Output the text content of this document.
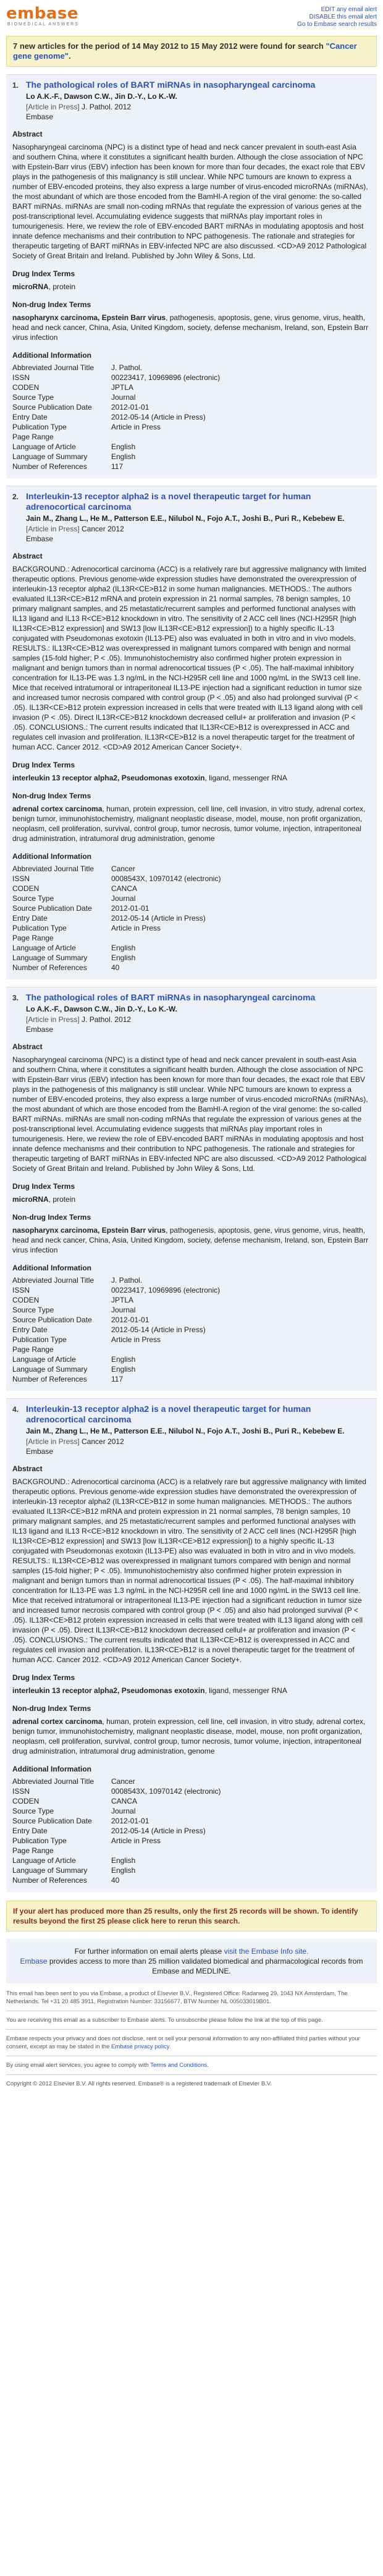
embase
BIOMEDICAL ANSWERS
EDIT any email alert
DISABLE this email alert
Go to Embase search results
7 new articles for the period of 14 May 2012 to 15 May 2012 were found for search "Cancer gene genome".
1. The pathological roles of BART miRNAs in nasopharyngeal carcinoma
Lo A.K.-F., Dawson C.W., Jin D.-Y., Lo K.-W.
[Article in Press] J. Pathol. 2012
Embase
Abstract
Nasopharyngeal carcinoma (NPC) is a distinct type of head and neck cancer prevalent in south-east Asia and southern China, where it constitutes a significant health burden. Although the close association of NPC with Epstein-Barr virus (EBV) infection has been known for more than four decades, the exact role that EBV plays in the pathogenesis of this malignancy is still unclear. While NPC tumours are known to express a number of EBV-encoded proteins, they also express a large number of virus-encoded microRNAs (miRNAs), the most abundant of which are those encoded from the BamHI-A region of the viral genome: the so-called BART miRNAs. miRNAs are small non-coding mRNAs that regulate the expression of various genes at the post-transcriptional level. Accumulating evidence suggests that miRNAs play important roles in tumourigenesis. Here, we review the role of EBV-encoded BART miRNAs in modulating apoptosis and host innate defence mechanisms and their contribution to NPC pathogenesis. The rationale and strategies for therapeutic targeting of BART miRNAs in EBV-infected NPC are also discussed. <CD>A9 2012 Pathological Society of Great Britain and Ireland. Published by John Wiley & Sons, Ltd.
Drug Index Terms
microRNA, protein
Non-drug Index Terms
nasopharynx carcinoma, Epstein Barr virus, pathogenesis, apoptosis, gene, virus genome, virus, health, head and neck cancer, China, Asia, United Kingdom, society, defense mechanism, Ireland, son, Epstein Barr virus infection
Additional Information
Abbreviated Journal Title	J. Pathol.
ISSN	00223417, 10969896 (electronic)
CODEN	JPTLA
Source Type	Journal
Source Publication Date	2012-01-01
Entry Date	2012-05-14 (Article in Press)
Publication Type	Article in Press
Page Range	
Language of Article	English
Language of Summary	English
Number of References	117
2. Interleukin-13 receptor alpha2 is a novel therapeutic target for human adrenocortical carcinoma
Jain M., Zhang L., He M., Patterson E.E., Nilubol N., Fojo A.T., Joshi B., Puri R., Kebebew E.
[Article in Press] Cancer 2012
Embase
Abstract
BACKGROUND.: Adrenocortical carcinoma (ACC) is a relatively rare but aggressive malignancy with limited therapeutic options. Previous genome-wide expression studies have demonstrated the overexpression of interleukin-13 receptor alpha2 (IL13R<CE>B12 in some human malignancies. METHODS.: The authors evaluated IL13R<CE>B12 mRNA and protein expression in 21 normal samples, 78 benign samples, 10 primary malignant samples, and 25 metastatic/recurrent samples and performed functional analyses with IL13 ligand and IL13 R<CE>B12 knockdown in vitro. The sensitivity of 2 ACC cell lines (NCI-H295R [high IL13R<CE>B12 expression] and SW13 [low IL13R<CE>B12 expression]) to a highly specific IL-13 conjugated with Pseudomonas exotoxin (IL13-PE) also was evaluated in both in vitro and in vivo models. RESULTS.: IL13R<CE>B12 was overexpressed in malignant tumors compared with benign and normal samples (15-fold higher; P < .05). Immunohistochemistry also confirmed higher protein expression in malignant and benign tumors than in normal adrenocortical tissues (P < .05). The half-maximal inhibitory concentration for IL13-PE was 1.3 ng/mL in the NCI-H295R cell line and 1000 ng/mL in the SW13 cell line. Mice that received intratumoral or intraperitoneal IL13-PE injection had a significant reduction in tumor size and increased tumor necrosis compared with control group (P < .05) and also had prolonged survival (P < .05). IL13R<CE>B12 protein expression increased in cells that were treated with IL13 ligand along with cell invasion (P < .05). Direct IL13R<CE>B12 knockdown decreased cellul+ ar proliferation and invasion (P < .05). CONCLUSIONS.: The current results indicated that IL13R<CE>B12 is overexpressed in ACC and regulates cell invasion and proliferation. IL13R<CE>B12 is a novel therapeutic target for the treatment of human ACC. Cancer 2012. <CD>A9 2012 American Cancer Society+.
Drug Index Terms
interleukin 13 receptor alpha2, Pseudomonas exotoxin, ligand, messenger RNA
Non-drug Index Terms
adrenal cortex carcinoma, human, protein expression, cell line, cell invasion, in vitro study, adrenal cortex, benign tumor, immunohistochemistry, malignant neoplastic disease, model, mouse, non profit organization, neoplasm, cell proliferation, survival, control group, tumor necrosis, tumor volume, injection, intraperitoneal drug administration, intratumoral drug administration, genome
Additional Information
Abbreviated Journal Title	Cancer
ISSN	0008543X, 10970142 (electronic)
CODEN	CANCA
Source Type	Journal
Source Publication Date	2012-01-01
Entry Date	2012-05-14 (Article in Press)
Publication Type	Article in Press
Page Range	
Language of Article	English
Language of Summary	English
Number of References	40
3. The pathological roles of BART miRNAs in nasopharyngeal carcinoma
Lo A.K.-F., Dawson C.W., Jin D.-Y., Lo K.-W.
[Article in Press] J. Pathol. 2012
Embase
Abstract
Nasopharyngeal carcinoma (NPC) is a distinct type of head and neck cancer prevalent in south-east Asia and southern China, where it constitutes a significant health burden. Although the close association of NPC with Epstein-Barr virus (EBV) infection has been known for more than four decades, the exact role that EBV plays in the pathogenesis of this malignancy is still unclear. While NPC tumours are known to express a number of EBV-encoded proteins, they also express a large number of virus-encoded microRNAs (miRNAs), the most abundant of which are those encoded from the BamHI-A region of the viral genome: the so-called BART miRNAs. miRNAs are small non-coding mRNAs that regulate the expression of various genes at the post-transcriptional level. Accumulating evidence suggests that miRNAs play important roles in tumourigenesis. Here, we review the role of EBV-encoded BART miRNAs in modulating apoptosis and host innate defence mechanisms and their contribution to NPC pathogenesis. The rationale and strategies for therapeutic targeting of BART miRNAs in EBV-infected NPC are also discussed. <CD>A9 2012 Pathological Society of Great Britain and Ireland. Published by John Wiley & Sons, Ltd.
Drug Index Terms
microRNA, protein
Non-drug Index Terms
nasopharynx carcinoma, Epstein Barr virus, pathogenesis, apoptosis, gene, virus genome, virus, health, head and neck cancer, China, Asia, United Kingdom, society, defense mechanism, Ireland, son, Epstein Barr virus infection
Additional Information
Abbreviated Journal Title	J. Pathol.
ISSN	00223417, 10969896 (electronic)
CODEN	JPTLA
Source Type	Journal
Source Publication Date	2012-01-01
Entry Date	2012-05-14 (Article in Press)
Publication Type	Article in Press
Page Range	
Language of Article	English
Language of Summary	English
Number of References	117
4. Interleukin-13 receptor alpha2 is a novel therapeutic target for human adrenocortical carcinoma
Jain M., Zhang L., He M., Patterson E.E., Nilubol N., Fojo A.T., Joshi B., Puri R., Kebebew E.
[Article in Press] Cancer 2012
Embase
Abstract
BACKGROUND.: Adrenocortical carcinoma (ACC) is a relatively rare but aggressive malignancy with limited therapeutic options. Previous genome-wide expression studies have demonstrated the overexpression of interleukin-13 receptor alpha2 (IL13R<CE>B12 in some human malignancies. METHODS.: The authors evaluated IL13R<CE>B12 mRNA and protein expression in 21 normal samples, 78 benign samples, 10 primary malignant samples, and 25 metastatic/recurrent samples and performed functional analyses with IL13 ligand and IL13 R<CE>B12 knockdown in vitro. The sensitivity of 2 ACC cell lines (NCI-H295R [high IL13R<CE>B12 expression] and SW13 [low IL13R<CE>B12 expression]) to a highly specific IL-13 conjugated with Pseudomonas exotoxin (IL13-PE) also was evaluated in both in vitro and in vivo models. RESULTS.: IL13R<CE>B12 was overexpressed in malignant tumors compared with benign and normal samples (15-fold higher; P < .05). Immunohistochemistry also confirmed higher protein expression in malignant and benign tumors than in normal adrenocortical tissues (P < .05). The half-maximal inhibitory concentration for IL13-PE was 1.3 ng/mL in the NCI-H295R cell line and 1000 ng/mL in the SW13 cell line. Mice that received intratumoral or intraperitoneal IL13-PE injection had a significant reduction in tumor size and increased tumor necrosis compared with control group (P < .05) and also had prolonged survival (P < .05). IL13R<CE>B12 protein expression increased in cells that were treated with IL13 ligand along with cell invasion (P < .05). Direct IL13R<CE>B12 knockdown decreased cellul+ ar proliferation and invasion (P < .05). CONCLUSIONS.: The current results indicated that IL13R<CE>B12 is overexpressed in ACC and regulates cell invasion and proliferation. IL13R<CE>B12 is a novel therapeutic target for the treatment of human ACC. Cancer 2012. <CD>A9 2012 American Cancer Society+.
Drug Index Terms
interleukin 13 receptor alpha2, Pseudomonas exotoxin, ligand, messenger RNA
Non-drug Index Terms
adrenal cortex carcinoma, human, protein expression, cell line, cell invasion, in vitro study, adrenal cortex, benign tumor, immunohistochemistry, malignant neoplastic disease, model, mouse, non profit organization, neoplasm, cell proliferation, survival, control group, tumor necrosis, tumor volume, injection, intraperitoneal drug administration, intratumoral drug administration, genome
Additional Information
Abbreviated Journal Title	Cancer
ISSN	0008543X, 10970142 (electronic)
CODEN	CANCA
Source Type	Journal
Source Publication Date	2012-01-01
Entry Date	2012-05-14 (Article in Press)
Publication Type	Article in Press
Page Range	
Language of Article	English
Language of Summary	English
Number of References	40
If your alert has produced more than 25 results, only the first 25 records will be shown. To identify results beyond the first 25 please click here to rerun this search.
For further information on email alerts please visit the Embase Info site.
Embase provides access to more than 25 million validated biomedical and pharmacological records from Embase and MEDLINE.

This email has been sent to you via Embase, a product of Elsevier B.V., Registered Office: Radarweg 29, 1043 NX Amsterdam, The Netherlands. Tel +31 20 485 3911, Registration Number: 33156677, BTW Number NL 005033019B01.

You are receiving this email as a subscriber to Embase alerts. To unsubscribe please follow the link at the top of this page.

Embase respects your privacy and does not disclose, rent or sell your personal information to any non-affiliated third parties without your consent, except as may be stated in the Embase privacy policy.

By using email alert services, you agree to comply with Terms and Conditions.

Copyright © 2012 Elsevier B.V. All rights reserved. Embase® is a registered trademark of Elsevier B.V.
